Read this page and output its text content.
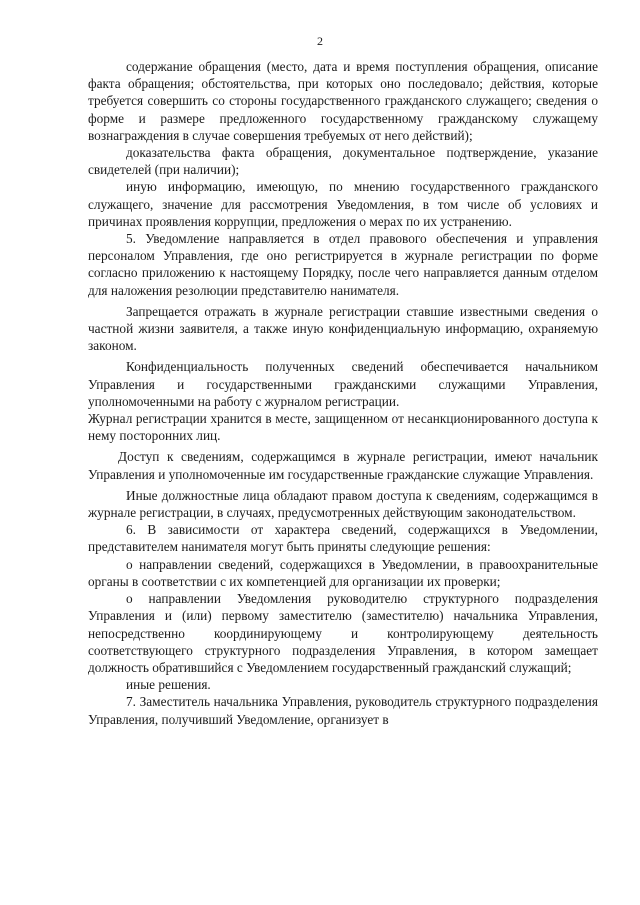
2

содержание обращения (место, дата и время поступления обращения, описание факта обращения; обстоятельства, при которых оно последовало; действия, которые требуется совершить со стороны государственного гражданского служащего; сведения о форме и размере предложенного государственному гражданскому служащему вознаграждения в случае совершения требуемых от него действий);

доказательства факта обращения, документальное подтверждение, указание свидетелей (при наличии);

иную информацию, имеющую, по мнению государственного гражданского служащего, значение для рассмотрения Уведомления, в том числе об условиях и причинах проявления коррупции, предложения о мерах по их устранению.

5. Уведомление направляется в отдел правового обеспечения и управления персоналом Управления, где оно регистрируется в журнале регистрации по форме согласно приложению к настоящему Порядку, после чего направляется данным отделом для наложения резолюции представителю нанимателя.

Запрещается отражать в журнале регистрации ставшие известными сведения о частной жизни заявителя, а также иную конфиденциальную информацию, охраняемую законом.

Конфиденциальность полученных сведений обеспечивается начальником Управления и государственными гражданскими служащими Управления, уполномоченными на работу с журналом регистрации.

Журнал регистрации хранится в месте, защищенном от несанкционированного доступа к нему посторонних лиц.

Доступ к сведениям, содержащимся в журнале регистрации, имеют начальник Управления и уполномоченные им государственные гражданские служащие Управления.

Иные должностные лица обладают правом доступа к сведениям, содержащимся в журнале регистрации, в случаях, предусмотренных действующим законодательством.

6. В зависимости от характера сведений, содержащихся в Уведомлении, представителем нанимателя могут быть приняты следующие решения:

о направлении сведений, содержащихся в Уведомлении, в правоохранительные органы в соответствии с их компетенцией для организации их проверки;

о направлении Уведомления руководителю структурного подразделения Управления и (или) первому заместителю (заместителю) начальника Управления, непосредственно координирующему и контролирующему деятельность соответствующего структурного подразделения Управления, в котором замещает должность обратившийся с Уведомлением государственный гражданский служащий;

иные решения.

7. Заместитель начальника Управления, руководитель структурного подразделения Управления, получивший Уведомление, организует в
